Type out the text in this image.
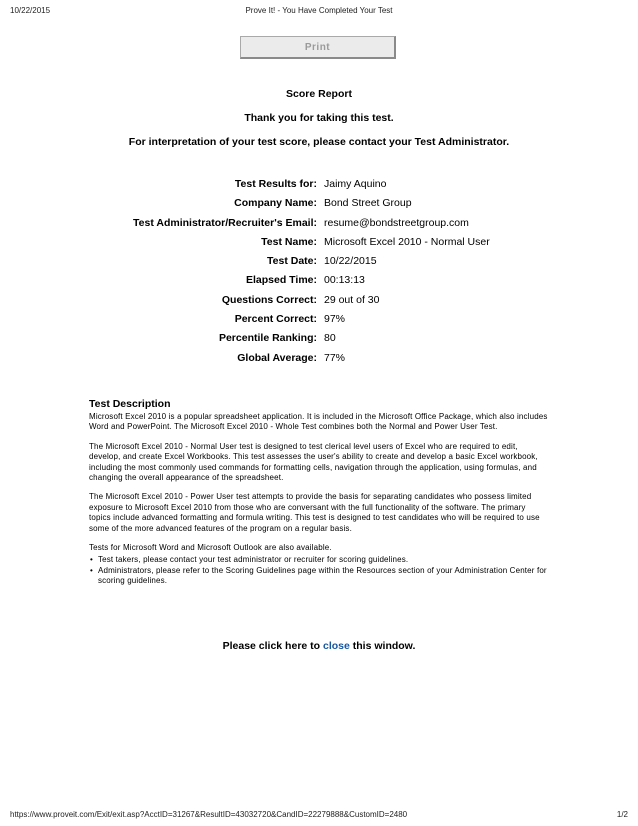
10/22/2015	Prove It! - You Have Completed Your Test
Print
Score Report
Thank you for taking this test.
For interpretation of your test score, please contact your Test Administrator.
Test Results for: Jaimy Aquino
Company Name: Bond Street Group
Test Administrator/Recruiter's Email: resume@bondstreetgroup.com
Test Name: Microsoft Excel 2010 - Normal User
Test Date: 10/22/2015
Elapsed Time: 00:13:13
Questions Correct: 29 out of 30
Percent Correct: 97%
Percentile Ranking: 80
Global Average: 77%
Test Description

Microsoft Excel 2010 is a popular spreadsheet application. It is included in the Microsoft Office Package, which also includes Word and PowerPoint. The Microsoft Excel 2010 - Whole Test combines both the Normal and Power User Test.

The Microsoft Excel 2010 - Normal User test is designed to test clerical level users of Excel who are required to edit, develop, and create Excel Workbooks. This test assesses the user's ability to create and develop a basic Excel workbook, including the most commonly used commands for formatting cells, navigation through the application, using formulas, and changing the overall appearance of the spreadsheet.

The Microsoft Excel 2010 - Power User test attempts to provide the basis for separating candidates who possess limited exposure to Microsoft Excel 2010 from those who are conversant with the full functionality of the software. The primary topics include advanced formatting and formula writing. This test is designed to test candidates who will be required to use some of the more advanced features of the program on a regular basis.

Tests for Microsoft Word and Microsoft Outlook are also available.

• Test takers, please contact your test administrator or recruiter for scoring guidelines.
• Administrators, please refer to the Scoring Guidelines page within the Resources section of your Administration Center for scoring guidelines.
Please click here to close this window.
https://www.proveit.com/Exit/exit.asp?AcctID=31267&ResultID=43032720&CandID=22279888&CustomID=2480	1/2
